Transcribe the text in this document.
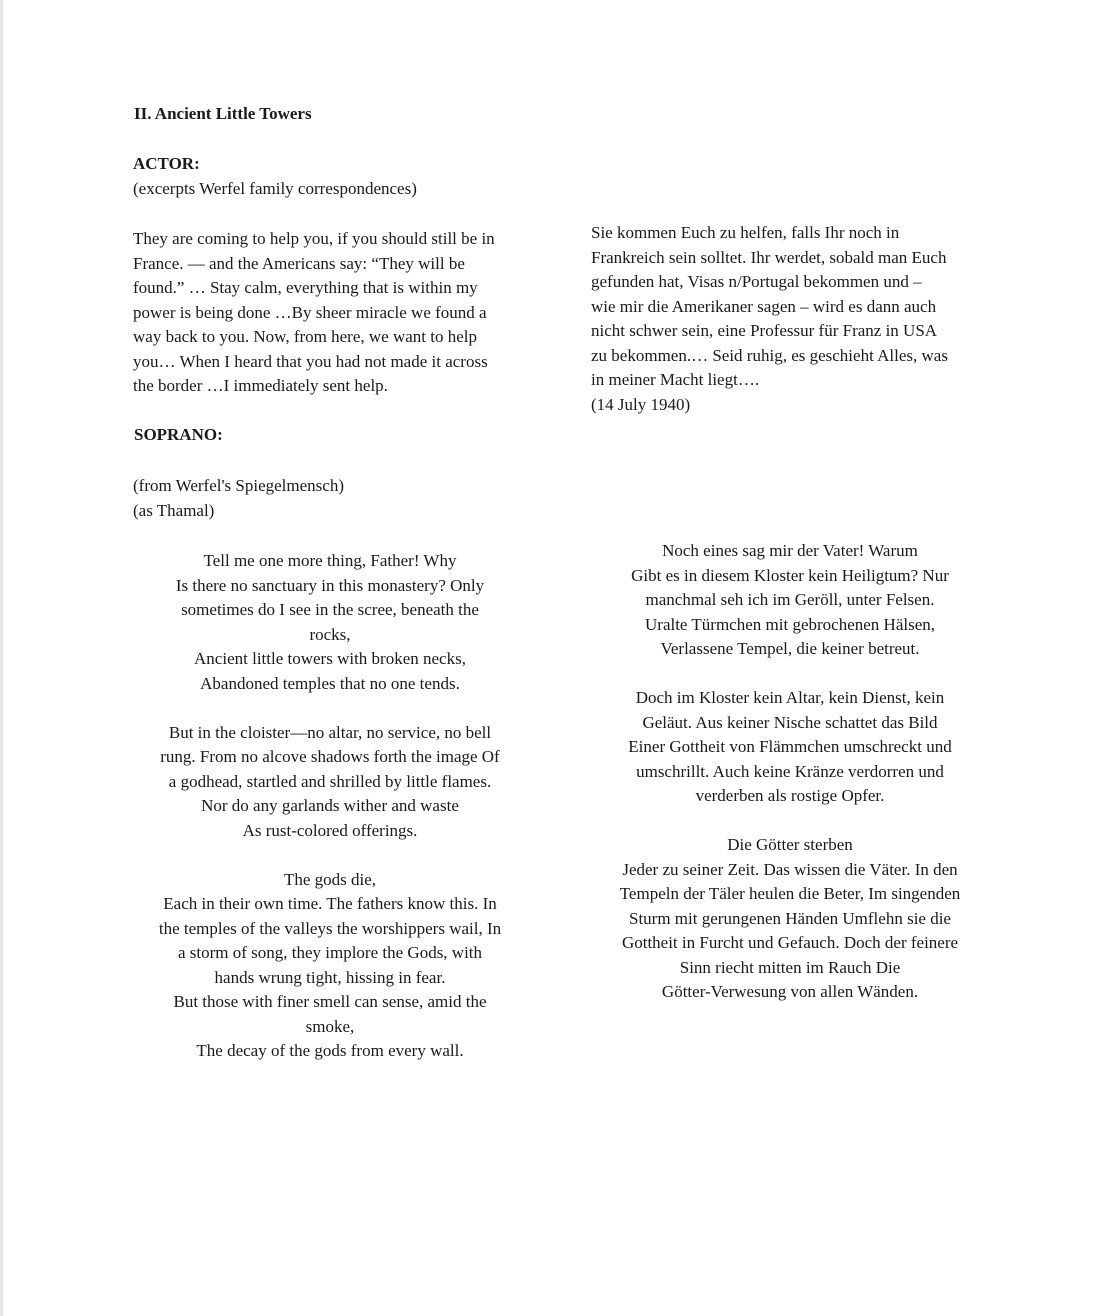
II. Ancient Little Towers
ACTOR:
(excerpts Werfel family correspondences)
They are coming to help you, if you should still be in
France. — and the Americans say: “They will be
found.” … Stay calm, everything that is within my
power is being done …By sheer miracle we found a
way back to you. Now, from here, we want to help
you… When I heard that you had not made it across
the border …I immediately sent help.
Sie kommen Euch zu helfen, falls Ihr noch in
Frankreich sein solltet. Ihr werdet, sobald man Euch
gefunden hat, Visas n/Portugal bekommen und –
wie mir die Amerikaner sagen – wird es dann auch
nicht schwer sein, eine Professur für Franz in USA
zu bekommen.… Seid ruhig, es geschieht Alles, was
in meiner Macht liegt….
(14 July 1940)
SOPRANO:
(from Werfel's Spiegelmensch)
(as Thamal)
Tell me one more thing, Father! Why
Is there no sanctuary in this monastery? Only
sometimes do I see in the scree, beneath the
rocks,
Ancient little towers with broken necks,
Abandoned temples that no one tends.
But in the cloister—no altar, no service, no bell
rung. From no alcove shadows forth the image Of
a godhead, startled and shrilled by little flames.
Nor do any garlands wither and waste
As rust-colored offerings.
The gods die,
Each in their own time. The fathers know this. In
the temples of the valleys the worshippers wail, In
a storm of song, they implore the Gods, with
hands wrung tight, hissing in fear.
But those with finer smell can sense, amid the
smoke,
The decay of the gods from every wall.
Noch eines sag mir der Vater! Warum
Gibt es in diesem Kloster kein Heiligtum? Nur
manchmal seh ich im Geröll, unter Felsen.
Uralte Türmchen mit gebrochenen Hälsen,
Verlassene Tempel, die keiner betreut.
Doch im Kloster kein Altar, kein Dienst, kein
Geläut. Aus keiner Nische schattet das Bild
Einer Gottheit von Flämmchen umschreckt und
umschrillt. Auch keine Kränze verdorren und
verderben als rostige Opfer.
Die Götter sterben
Jeder zu seiner Zeit. Das wissen die Väter. In den
Tempeln der Täler heulen die Beter, Im singenden
Sturm mit gerungenen Händen Umflehn sie die
Gottheit in Furcht und Gefauch. Doch der feinere
Sinn riecht mitten im Rauch Die
Götter-Verwesung von allen Wänden.
